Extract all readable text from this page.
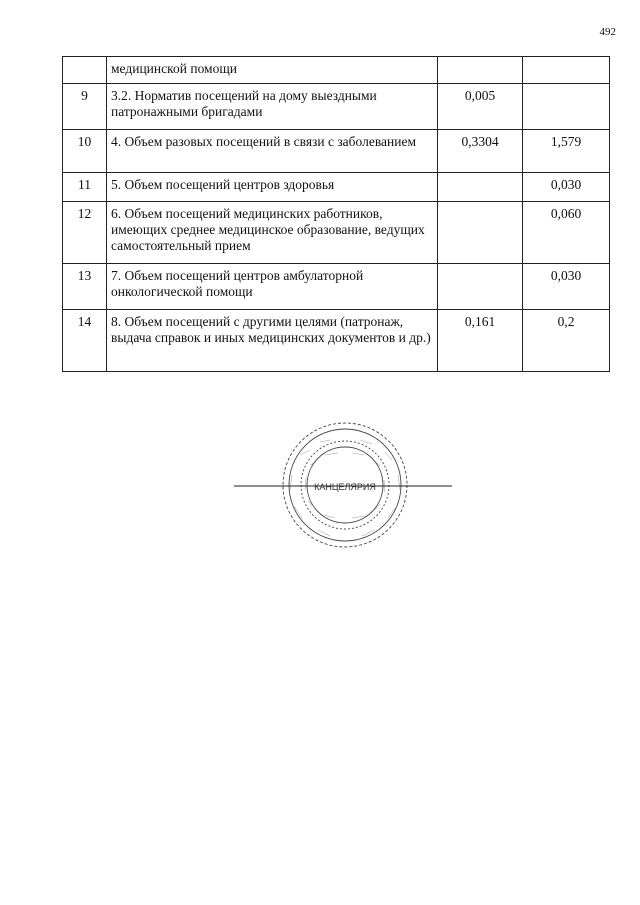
492
	медицинской помощи		
9	3.2. Норматив посещений на дому выездными патронажными бригадами	0,005	
10	4. Объем разовых посещений в связи с заболеванием	0,3304	1,579
11	5. Объем посещений центров здоровья		0,030
12	6. Объем посещений медицинских работников, имеющих среднее медицинское образование, ведущих самостоятельный прием		0,060
13	7. Объем посещений центров амбулаторной онкологической помощи		0,030
14	8. Объем посещений с другими целями (патронаж, выдача справок и иных медицинских документов и др.)	0,161	0,2
КАНЦЕЛЯРИЯ
